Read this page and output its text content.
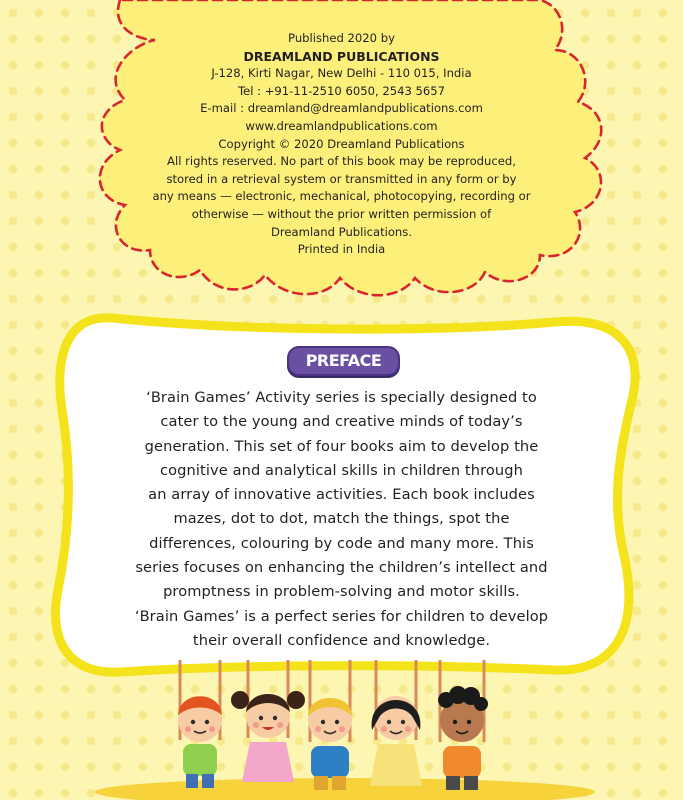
Published 2020 by
DREAMLAND PUBLICATIONS
J-128, Kirti Nagar, New Delhi - 110 015, India
Tel : +91-11-2510 6050, 2543 5657
E-mail : dreamland@dreamlandpublications.com
www.dreamlandpublications.com
Copyright © 2020 Dreamland Publications
All rights reserved. No part of this book may be reproduced,
stored in a retrieval system or transmitted in any form or by
any means — electronic, mechanical, photocopying, recording or
otherwise — without the prior written permission of
Dreamland Publications.
Printed in India
PREFACE
‘Brain Games’ Activity series is specially designed to
cater to the young and creative minds of today’s
generation. This set of four books aim to develop the
cognitive and analytical skills in children through
an array of innovative activities. Each book includes
mazes, dot to dot, match the things, spot the
differences, colouring by code and many more. This
series focuses on enhancing the children’s intellect and
promptness in problem-solving and motor skills.
‘Brain Games’ is a perfect series for children to develop
their overall confidence and knowledge.
